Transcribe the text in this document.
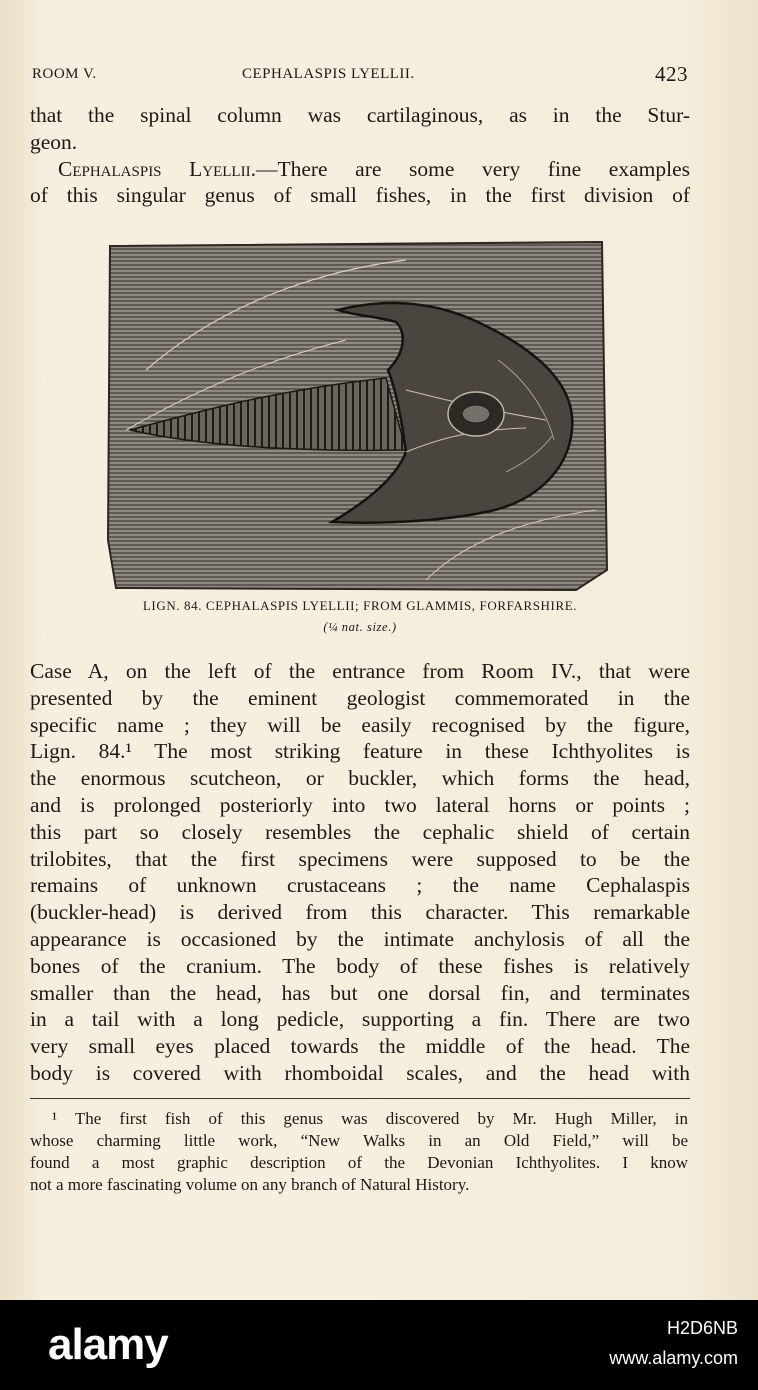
ROOM V.	CEPHALASPIS LYELLII.	423
that the spinal column was cartilaginous, as in the Stur-
geon.
Cephalaspis Lyellii.—There are some very fine examples
of this singular genus of small fishes, in the first division of
LIGN. 84. CEPHALASPIS LYELLII; FROM GLAMMIS, FORFARSHIRE.
(¼ nat. size.)
Case A, on the left of the entrance from Room IV., that were
presented by the eminent geologist commemorated in the
specific name ; they will be easily recognised by the figure,
Lign. 84.¹ The most striking feature in these Ichthyolites is
the enormous scutcheon, or buckler, which forms the head,
and is prolonged posteriorly into two lateral horns or points ;
this part so closely resembles the cephalic shield of certain
trilobites, that the first specimens were supposed to be the
remains of unknown crustaceans ; the name Cephalaspis
(buckler-head) is derived from this character. This remarkable
appearance is occasioned by the intimate anchylosis of all the
bones of the cranium. The body of these fishes is relatively
smaller than the head, has but one dorsal fin, and terminates
in a tail with a long pedicle, supporting a fin. There are two
very small eyes placed towards the middle of the head. The
body is covered with rhomboidal scales, and the head with
¹ The first fish of this genus was discovered by Mr. Hugh Miller, in
whose charming little work, “New Walks in an Old Field,” will be
found a most graphic description of the Devonian Ichthyolites. I know
not a more fascinating volume on any branch of Natural History.
alamy	H2D6NB
www.alamy.com
